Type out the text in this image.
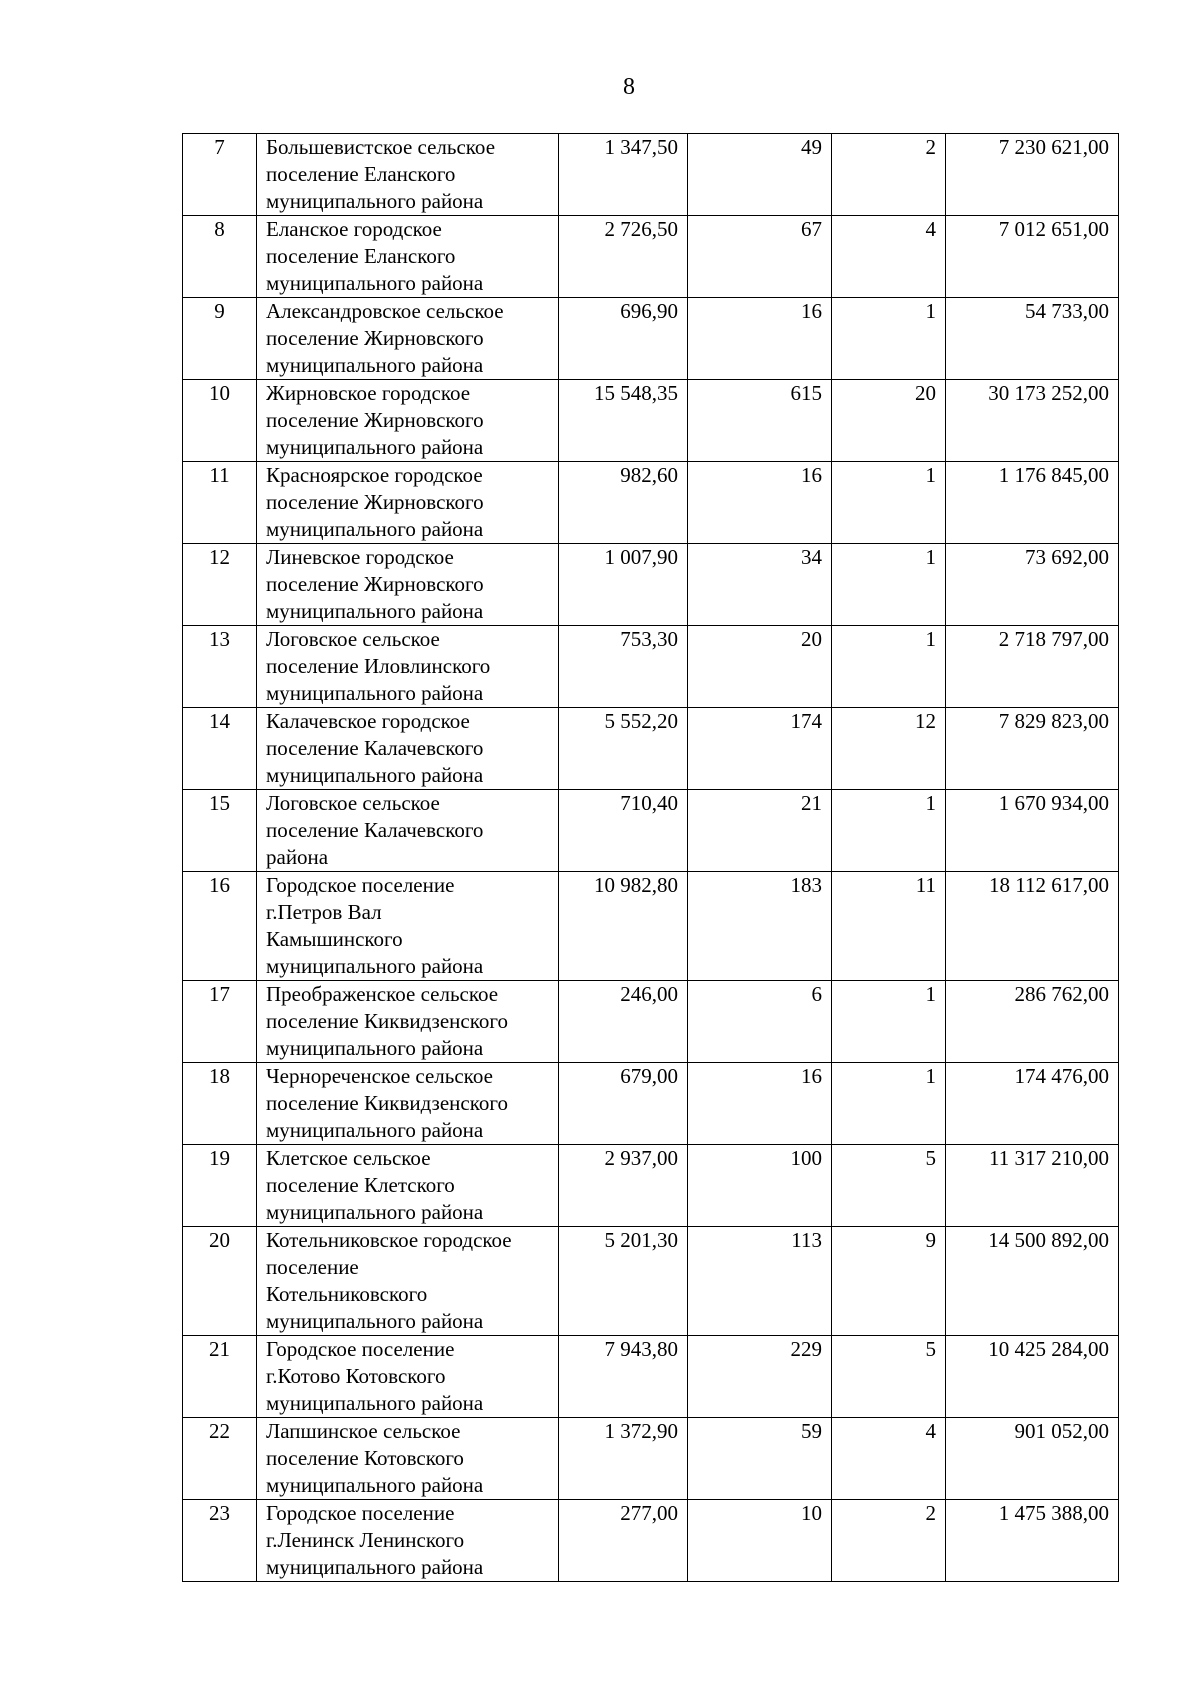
8
7	Большевистское сельское
поселение Еланского
муниципального района	1 347,50	49	2	7 230 621,00
8	Еланское городское
поселение Еланского
муниципального района	2 726,50	67	4	7 012 651,00
9	Александровское сельское
поселение Жирновского
муниципального района	696,90	16	1	54 733,00
10	Жирновское городское
поселение Жирновского
муниципального района	15 548,35	615	20	30 173 252,00
11	Красноярское городское
поселение Жирновского
муниципального района	982,60	16	1	1 176 845,00
12	Линевское городское
поселение Жирновского
муниципального района	1 007,90	34	1	73 692,00
13	Логовское сельское
поселение Иловлинского
муниципального района	753,30	20	1	2 718 797,00
14	Калачевское городское
поселение Калачевского
муниципального района	5 552,20	174	12	7 829 823,00
15	Логовское сельское
поселение Калачевского
района	710,40	21	1	1 670 934,00
16	Городское поселение
г.Петров Вал
Камышинского
муниципального района	10 982,80	183	11	18 112 617,00
17	Преображенское сельское
поселение Киквидзенского
муниципального района	246,00	6	1	286 762,00
18	Чернореченское сельское
поселение Киквидзенского
муниципального района	679,00	16	1	174 476,00
19	Клетское сельское
поселение Клетского
муниципального района	2 937,00	100	5	11 317 210,00
20	Котельниковское городское
поселение
Котельниковского
муниципального района	5 201,30	113	9	14 500 892,00
21	Городское поселение
г.Котово Котовского
муниципального района	7 943,80	229	5	10 425 284,00
22	Лапшинское сельское
поселение Котовского
муниципального района	1 372,90	59	4	901 052,00
23	Городское поселение
г.Ленинск Ленинского
муниципального района	277,00	10	2	1 475 388,00
